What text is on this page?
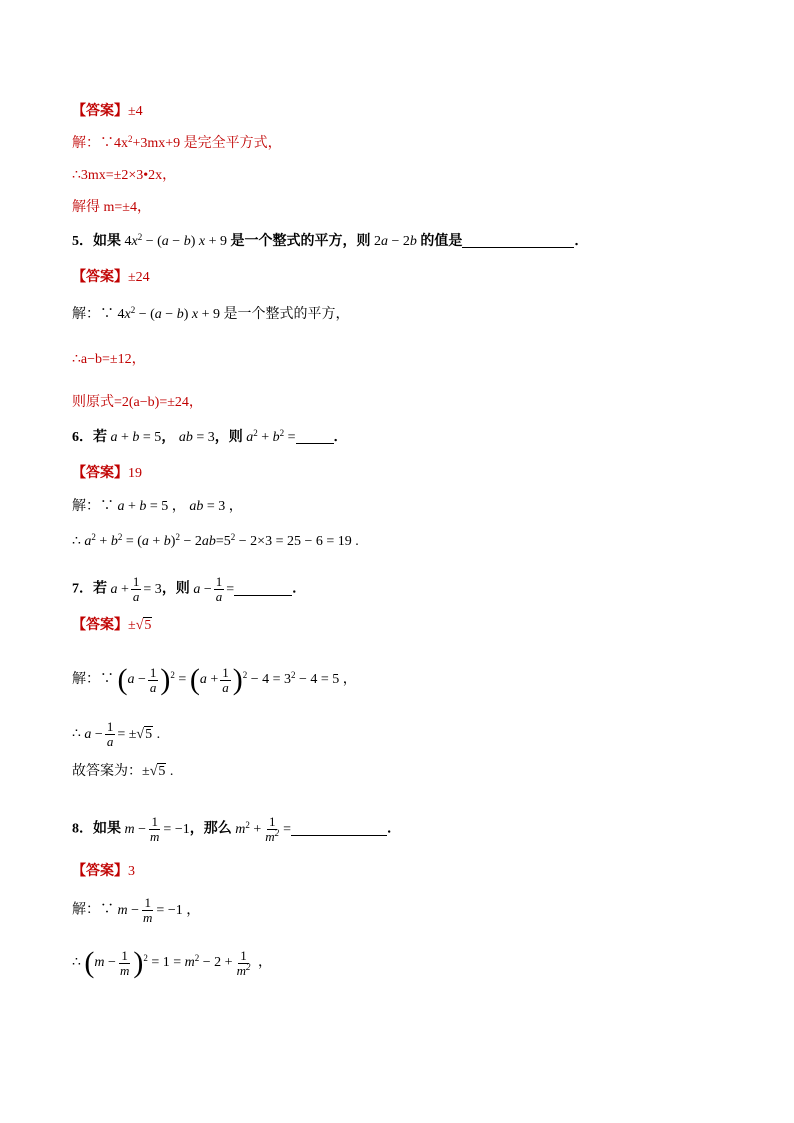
【答案】±4
解：$\because 4x^2+3mx+9$ 是完全平方式，
∴3mx=±2×3•2x，
解得 m=±4，
5．如果 $4x^2 - (a - b) x + 9$ 是一个整式的平方，则 2a − 2b 的值是	．
【答案】±24
解：∵ $4x^2 - (a - b) x + 9$ 是一个整式的平方，
∴a−b=±12，
则原式=2(a−b)=±24，
6．若 a + b = 5， ab = 3，则 $a^2 + b^2$ =	．
【答案】19
解：∵ a + b = 5 ， ab = 3 ，
∴ $a^2 + b^2 = (a + b)^2 - 2ab=5^2 - 2\times 3 = 25 - 6 = 19$ .
7．若 $a + \frac{1}{a} = 3$，则 $a - \frac{1}{a}$ =	．
【答案】±√5
解：∵ $(a - \frac{1}{a} )^2 = (a + \frac{1}{a} )^2 - 4 = 3^2 - 4 = 5$ ，
∴ $a - \frac{1}{a} = \pm√5$ .
故答案为：±√5 .
8．如果 $m - \frac{1}{m} = -1$，那么 $m^2 + \frac{1}{m^2}$ =	．
【答案】3
解：∵ $m - \frac{1}{m} = -1$ ，
∴ $(m - \frac{1}{m} )^2 = 1 = m^2 - 2 + \frac{1}{m^2}$ ，
